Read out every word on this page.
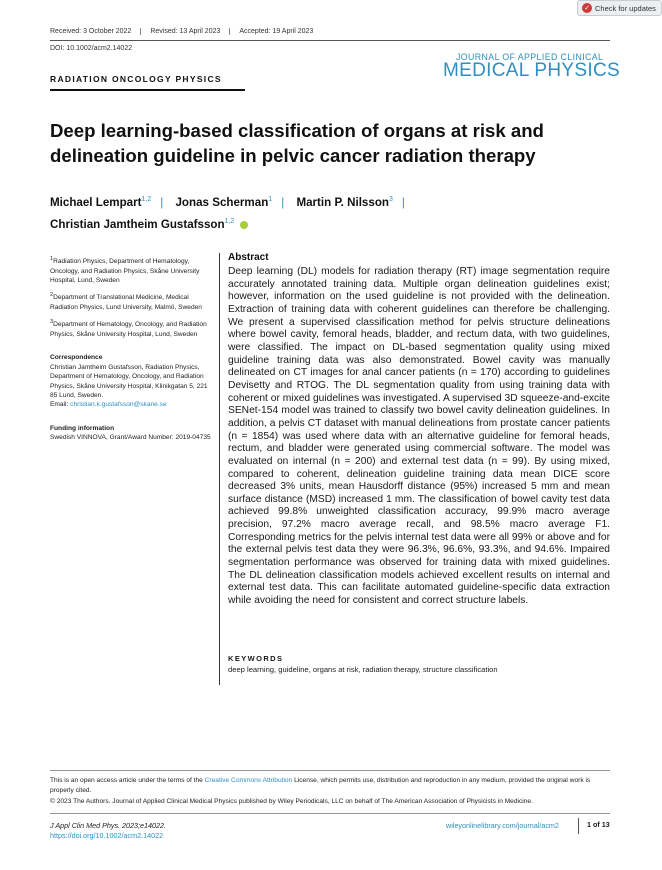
✓ Check for updates
Received: 3 October 2022	Revised: 13 April 2023	Accepted: 19 April 2023
DOI: 10.1002/acm2.14022
JOURNAL OF APPLIED CLINICAL
MEDICAL PHYSICS
RADIATION ONCOLOGY PHYSICS
Deep learning-based classification of organs at risk and delineation guideline in pelvic cancer radiation therapy
Michael Lempart$^{1,2}$ | Jonas Scherman$^1$ | Martin P. Nilsson$^3$ |
Christian Jamtheim Gustafsson$^{1,2}$

$^1$Radiation Physics, Department of Hematology, Oncology, and Radiation Physics, Skåne University Hospital, Lund, Sweden

$^2$Department of Translational Medicine, Medical Radiation Physics, Lund University, Malmö, Sweden

$^3$Department of Hematology, Oncology, and Radiation Physics, Skåne University Hospital, Lund, Sweden

Correspondence

Christian Jamtheim Gustafsson, Radiation Physics, Department of Hematology, Oncology, and Radiation Physics, Skåne University Hospital, Klinikgatan 5, 221 85 Lund, Sweden.

Email: christian.k.gustafsson@skane.se

Funding information

Swedish VINNOVA, Grant/Award Number: 2019-04735

Abstract
Deep learning (DL) models for radiation therapy (RT) image segmentation require accurately annotated training data. Multiple organ delineation guidelines exist; however, information on the used guideline is not provided with the delineation. Extraction of training data with coherent guidelines can therefore be challenging. We present a supervised classification method for pelvis structure delineations where bowel cavity, femoral heads, bladder, and rectum data, with two guidelines, were classified. The impact on DL-based segmentation quality using mixed guideline training data was also demonstrated. Bowel cavity was manually delineated on CT images for anal cancer patients (n = 170) according to guidelines Devisetty and RTOG. The DL segmentation quality from using training data with coherent or mixed guidelines was investigated. A supervised 3D squeeze-and-excite SENet-154 model was trained to classify two bowel cavity delineation guidelines. In addition, a pelvis CT dataset with manual delineations from prostate cancer patients (n = 1854) was used where data with an alternative guideline for femoral heads, rectum, and bladder were generated using commercial software. The model was evaluated on internal (n = 200) and external test data (n = 99). By using mixed, compared to coherent, delineation guideline training data mean DICE score decreased 3% units, mean Hausdorff distance (95%) increased 5 mm and mean surface distance (MSD) increased 1 mm. The classification of bowel cavity test data achieved 99.8% unweighted classification accuracy, 99.9% macro average precision, 97.2% macro average recall, and 98.5% macro average F1. Corresponding metrics for the pelvis internal test data were all 99% or above and for the external pelvis test data they were 96.3%, 96.6%, 93.3%, and 94.6%. Impaired segmentation performance was observed for training data with mixed guidelines. The DL delineation classification models achieved excellent results on internal and external test data. This can facilitate automated guideline-specific data extraction while avoiding the need for consistent and correct structure labels.
KEYWORDS
deep learning, guideline, organs at risk, radiation therapy, structure classification
This is an open access article under the terms of the Creative Commons Attribution License, which permits use, distribution and reproduction in any medium, provided the original work is properly cited.
© 2023 The Authors. Journal of Applied Clinical Medical Physics published by Wiley Periodicals, LLC on behalf of The American Association of Physicists in Medicine.
J Appl Clin Med Phys. 2023;e14022.
https://doi.org/10.1002/acm2.14022
wileyonlinelibrary.com/journal/acm2	1 of 13
